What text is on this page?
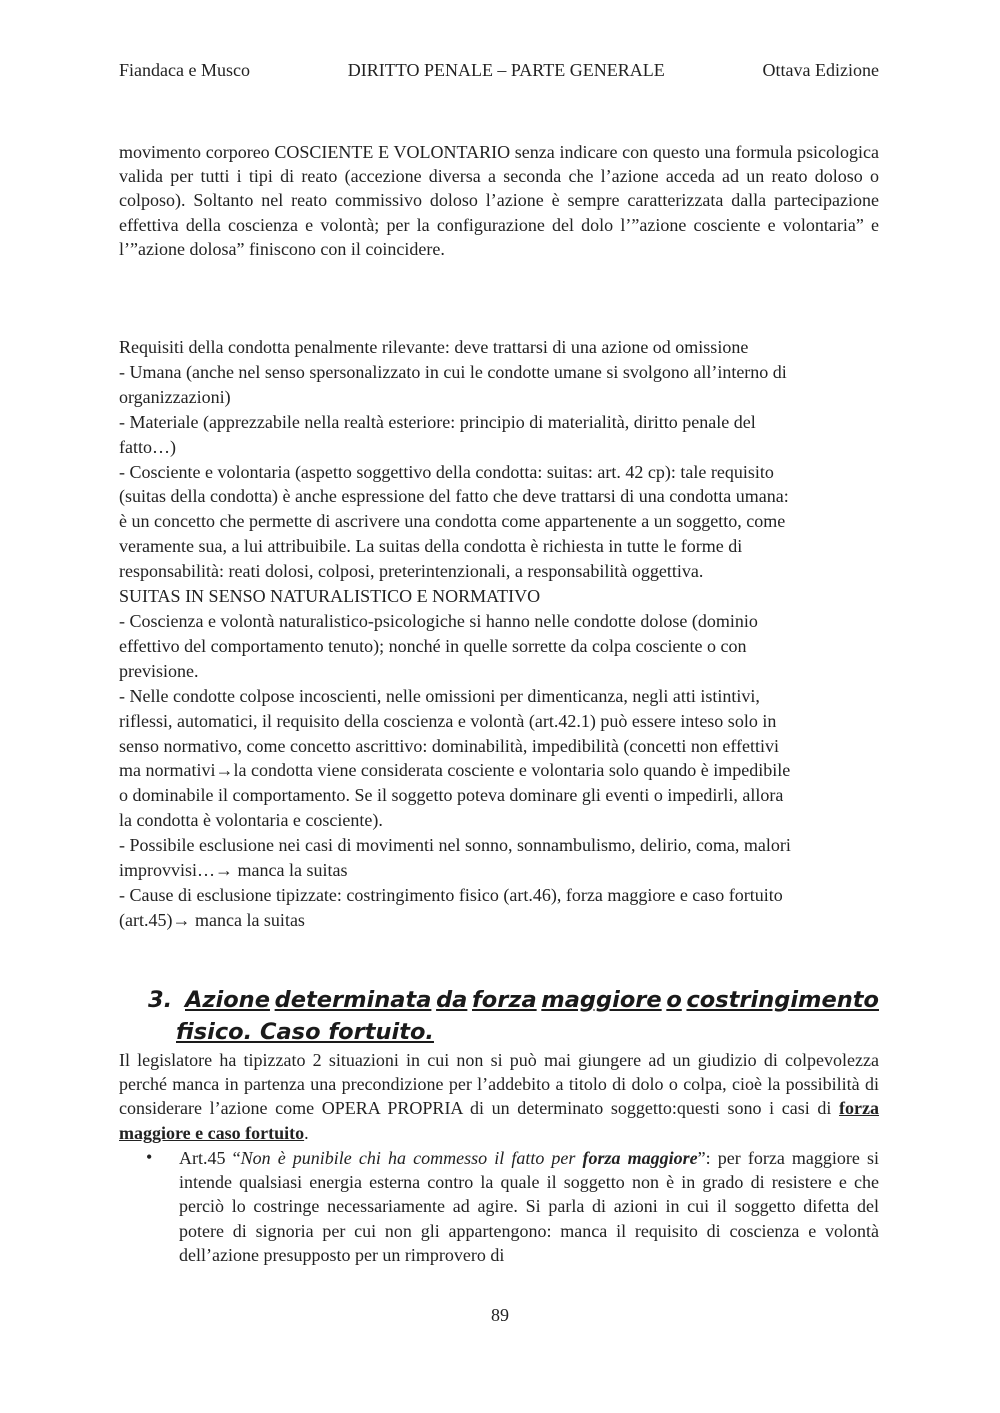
Fiandaca e Musco	DIRITTO PENALE – PARTE GENERALE	Ottava Edizione

movimento corporeo COSCIENTE E VOLONTARIO senza indicare con questo una formula psicologica valida per tutti i tipi di reato (accezione diversa a seconda che l’azione acceda ad un reato doloso o colposo). Soltanto nel reato commissivo doloso l’azione è sempre caratterizzata dalla partecipazione effettiva della coscienza e volontà; per la configurazione del dolo l’”azione cosciente e volontaria” e l’”azione dolosa” finiscono con il coincidere.

Requisiti della condotta penalmente rilevante: deve trattarsi di una azione od omissione
- Umana (anche nel senso spersonalizzato in cui le condotte umane si svolgono all’interno di
organizzazioni)
- Materiale (apprezzabile nella realtà esteriore: principio di materialità, diritto penale del
fatto…)
- Cosciente e volontaria (aspetto soggettivo della condotta: suitas: art. 42 cp): tale requisito
(suitas della condotta) è anche espressione del fatto che deve trattarsi di una condotta umana:
è un concetto che permette di ascrivere una condotta come appartenente a un soggetto, come
veramente sua, a lui attribuibile. La suitas della condotta è richiesta in tutte le forme di
responsabilità: reati dolosi, colposi, preterintenzionali, a responsabilità oggettiva.
SUITAS IN SENSO NATURALISTICO E NORMATIVO
- Coscienza e volontà naturalistico-psicologiche si hanno nelle condotte dolose (dominio
effettivo del comportamento tenuto); nonché in quelle sorrette da colpa cosciente o con
previsione.
- Nelle condotte colpose incoscienti, nelle omissioni per dimenticanza, negli atti istintivi,
riflessi, automatici, il requisito della coscienza e volontà (art.42.1) può essere inteso solo in
senso normativo, come concetto ascrittivo: dominabilità, impedibilità (concetti non effettivi
ma normativi→la condotta viene considerata cosciente e volontaria solo quando è impedibile
o dominabile il comportamento. Se il soggetto poteva dominare gli eventi o impedirli, allora
la condotta è volontaria e cosciente).
- Possibile esclusione nei casi di movimenti nel sonno, sonnambulismo, delirio, coma, malori
improvvisi…→ manca la suitas
- Cause di esclusione tipizzate: costringimento fisico (art.46), forza maggiore e caso fortuito
(art.45)→ manca la suitas
3. Azione determinata da forza maggiore o costringimento
fisico. Caso fortuito.

Il legislatore ha tipizzato 2 situazioni in cui non si può mai giungere ad un giudizio di colpevolezza perché manca in partenza una precondizione per l’addebito a titolo di dolo o colpa, cioè la possibilità di considerare l’azione come OPERA PROPRIA di un determinato soggetto:questi sono i casi di forza maggiore e caso fortuito.

• Art.45 “Non è punibile chi ha commesso il fatto per forza maggiore”: per forza maggiore si intende qualsiasi energia esterna contro la quale il soggetto non è in grado di resistere e che perciò lo costringe necessariamente ad agire. Si parla di azioni in cui il soggetto difetta del potere di signoria per cui non gli appartengono: manca il requisito di coscienza e volontà dell’azione presupposto per un rimprovero di

89
